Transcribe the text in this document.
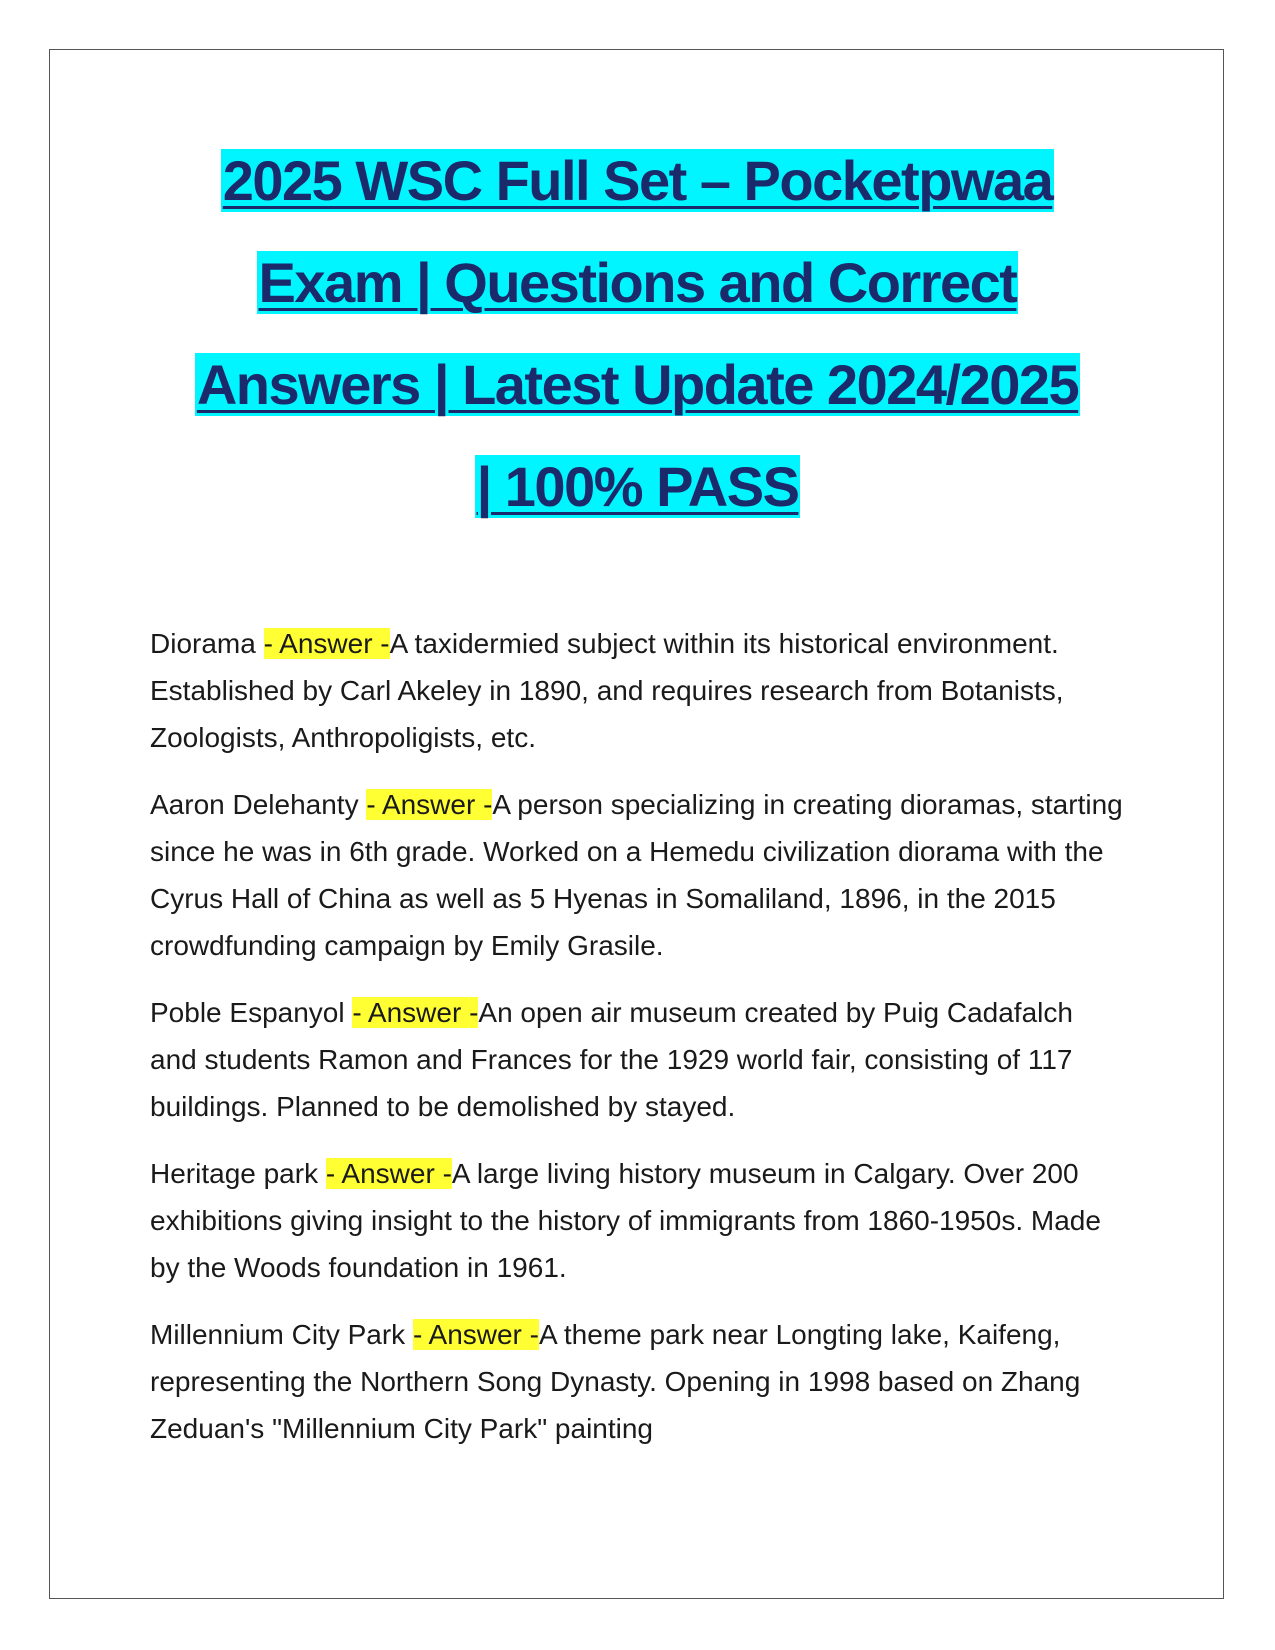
2025 WSC Full Set – Pocketpwaa
Exam | Questions and Correct
Answers | Latest Update 2024/2025
| 100% PASS

Diorama - Answer -A taxidermied subject within its historical environment. Established by Carl Akeley in 1890, and requires research from Botanists, Zoologists, Anthropoligists, etc.

Aaron Delehanty - Answer -A person specializing in creating dioramas, starting since he was in 6th grade. Worked on a Hemedu civilization diorama with the Cyrus Hall of China as well as 5 Hyenas in Somaliland, 1896, in the 2015 crowdfunding campaign by Emily Grasile.

Poble Espanyol - Answer -An open air museum created by Puig Cadafalch and students Ramon and Frances for the 1929 world fair, consisting of 117 buildings. Planned to be demolished by stayed.

Heritage park - Answer -A large living history museum in Calgary. Over 200 exhibitions giving insight to the history of immigrants from 1860-1950s. Made by the Woods foundation in 1961.

Millennium City Park - Answer -A theme park near Longting lake, Kaifeng, representing the Northern Song Dynasty. Opening in 1998 based on Zhang Zeduan's "Millennium City Park" painting
